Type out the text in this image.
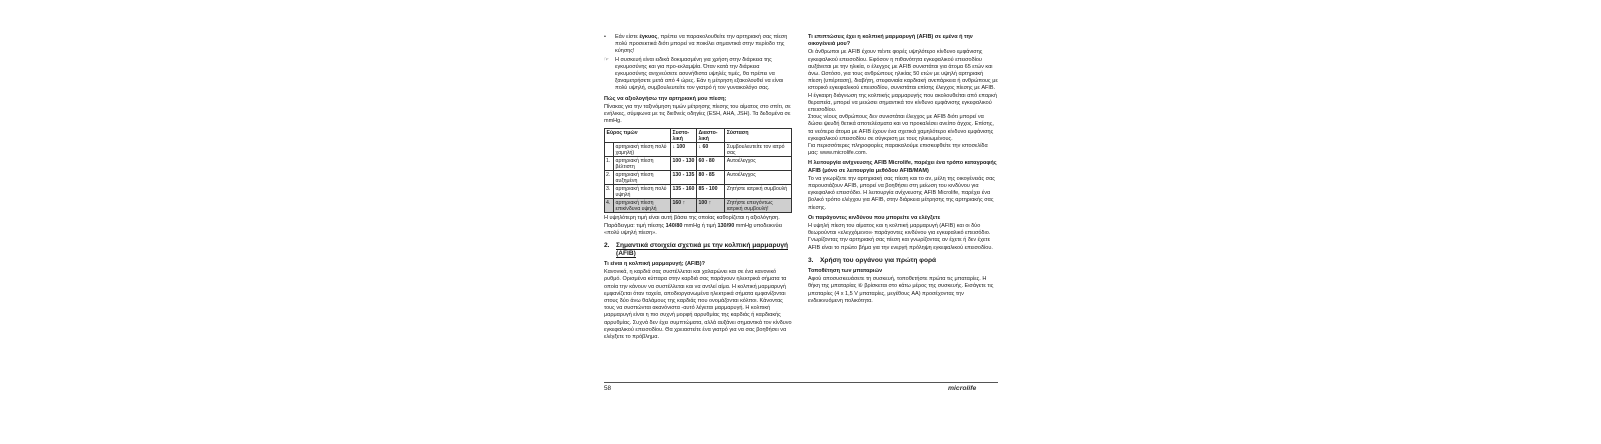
•	Εάν είστε έγκυος, πρέπει να παρακολουθείτε την αρτηριακή σας πίεση πολύ προσεκτικά διότι μπορεί να ποικίλει σημαντικά στην περίοδο της κύησης!
☞	Η συσκευή είναι ειδικά δοκιμασμένη για χρήση στην διάρκεια της εγκυμοσύνης και για προ-εκλαμψία. Όταν κατά την διάρκεια εγκυμοσύνης ανιχνεύσετε ασυνήθιστα υψηλές τιμές, θα πρέπει να ξαναμετρήσετε μετά από 4 ώρες. Εάν η μέτρηση εξακολουθεί να είναι πολύ υψηλή, συμβουλευτείτε τον γιατρό ή τον γυναικολόγο σας.
Πώς να αξιολογήσω την αρτηριακή μου πίεση;

Πίνακας για την ταξινόμηση τιμών μέτρησης πίεσης του αίματος στο σπίτι, σε ενήλικες, σύμφωνα με τις διεθνείς οδηγίες (ESH, AHA, JSH). Τα δεδομένα σε mmHg.

Εύρος τιμών		Συστο-λική	Διαστο-λική	Σύσταση
	αρτηριακή πίεση πολύ χαμηλή)	↓ 100	↓ 60	Συμβουλευτείτε τον ιατρό σας
1.	αρτηριακή πίεση βέλτιστη	100 - 130	60 - 80	Αυτοέλεγχος
2.	αρτηριακή πίεση αυξημένη	130 - 135	80 - 85	Αυτοέλεγχος
3.	αρτηριακή πίεση πολύ υψηλή	135 - 160	85 - 100	Ζητήστε ιατρική συμβουλή
4.	αρτηριακή πίεση επικίνδυνα υψηλή	160 ↑	100 ↑	Ζητήστε επειγόντως ιατρική συμβουλή!

Η υψηλότερη τιμή είναι αυτή βάσει της οποίας καθορίζεται η αξιολόγηση. Παράδειγμα: τιμή πίεσης 140/80 mmHg ή τιμή 130/90 mmHg υποδεικνύει «πολύ υψηλή πίεση».

2. Σημαντικά στοιχεία σχετικά με την κολπική μαρμαρυγή (AFIB)
Τι είναι η κολπική μαρμαρυγή; (AFIB)?

Κανονικά, η καρδιά σας συστέλλεται και χαλαρώνει και σε ένα κανονικό ρυθμό. Ορισμένα κύτταρα στην καρδιά σας παράγουν ηλεκτρικά σήματα τα οποία την κάνουν να συστέλλεται και να αντλεί αίμα. Η κολπική μαρμαρυγή εμφανίζεται όταν ταχεία, αποδιοργανωμένα ηλεκτρικά σήματα εμφανίζονται στους δύο άνω θαλάμους της καρδιάς που ονομάζονται κόλποι. Κάνοντας τους να συσπώνται ακανόνιστα -αυτό λέγεται μαρμαρυγή. Η κολπική μαρμαρυγή είναι η πιο συχνή μορφή αρρυθμίας της καρδιάς ή καρδιακής αρρυθμίας. Συχνά δεν έχει συμπτώματα, αλλά αυξάνει σημαντικά τον κίνδυνο εγκεφαλικού επεισοδίου. Θα χρειαστείτε ένα γιατρό για να σας βοηθήσει να ελέγξετε το πρόβλημα.

Τι επιπτώσεις έχει η κολπική μαρμαρυγή (AFIB) σε εμένα ή την οικογένειά μου?

Οι άνθρωποι με AFIB έχουν πέντε φορές υψηλότερο κίνδυνο εμφάνισης εγκεφαλικού επεισοδίου. Εφόσον η πιθανότητα εγκεφαλικού επεισοδίου αυξάνεται με την ηλικία, ο έλεγχος με AFIB συνιστάται για άτομα 65 ετών και άνω. Ωστόσο, για τους ανθρώπους ηλικίας 50 ετών με υψηλή αρτηριακή πίεση (υπέρταση), διαβήτη, στεφανιαία καρδιακή ανεπάρκεια ή ανθρώπους με ιστορικό εγκεφαλικού επεισοδίου, συνιστάται επίσης έλεγχος πίεσης με AFIB. Η έγκαιρη διάγνωση της κολπικής μαρμαρυγής που ακολουθείται από επαρκή θεραπεία, μπορεί να μειώσει σημαντικά τον κίνδυνο εμφάνισης εγκεφαλικού επεισοδίου.

Στους νέους ανθρώπους δεν συνιστάται έλεγχος με AFIB διότι μπορεί να δώσει ψευδή θετικά αποτελέσματα και να προκαλέσει ανείπο άγχος. Επίσης, τα νεότερα άτομα με AFIB έχουν ένα σχετικά χαμηλότερο κίνδυνο εμφάνισης εγκεφαλικού επεισοδίου σε σύγκριση με τους ηλικιωμένους.

Για περισσότερες πληροφορίες παρακαλούμε επισκεφθείτε την ιστοσελίδα μας: www.microlife.com.

Η λειτουργία ανίχνευσης AFIB Microlife, παρέχει ένα τρόπο καταγραφής AFIB (μόνο σε λειτουργία μεθόδου AFIB/MAM)

Το να γνωρίζετε την αρτηριακή σας πίεση και το αν, μέλη της οικογένειάς σας παρουσιάζουν AFIB, μπορεί να βοηθήσει στη μείωση του κινδύνου για εγκεφαλικό επεισόδιο. Η λειτουργία ανίχνευσης AFIB Microlife, παρέχει ένα βολικό τρόπο ελέγχου για AFIB, στην διάρκεια μέτρησης της αρτηριακής σας πίεσης.

Οι παράγοντες κινδύνου που μπορείτε να ελέγξετε

Η υψηλή πίεση του αίματος και η κολπική μαρμαρυγή (AFIB) και οι δύο θεωρούνται «ελεγχόμενοι» παράγοντες κινδύνου για εγκεφαλικό επεισόδιο. Γνωρίζοντας την αρτηριακή σας πίεση και γνωρίζοντας αν έχετε ή δεν έχετε AFIB είναι το πρώτο βήμα για την ενεργή πρόληψη εγκεφαλικού επεισοδίου.

3. Χρήση του οργάνου για πρώτη φορά
Τοποθέτηση των μπαταριών

Αφού αποσυσκευάσετε τη συσκευή, τοποθετήστε πρώτα τις μπαταρίες. Η θήκη της μπαταρίας ⑥ βρίσκεται στο κάτω μέρος της συσκευής. Εισάγετε τις μπαταρίες (4 x 1,5 V μπαταρίες, μεγέθους AA) προσέχοντας την ενδεικνυόμενη πολικότητα.

58	microlife
